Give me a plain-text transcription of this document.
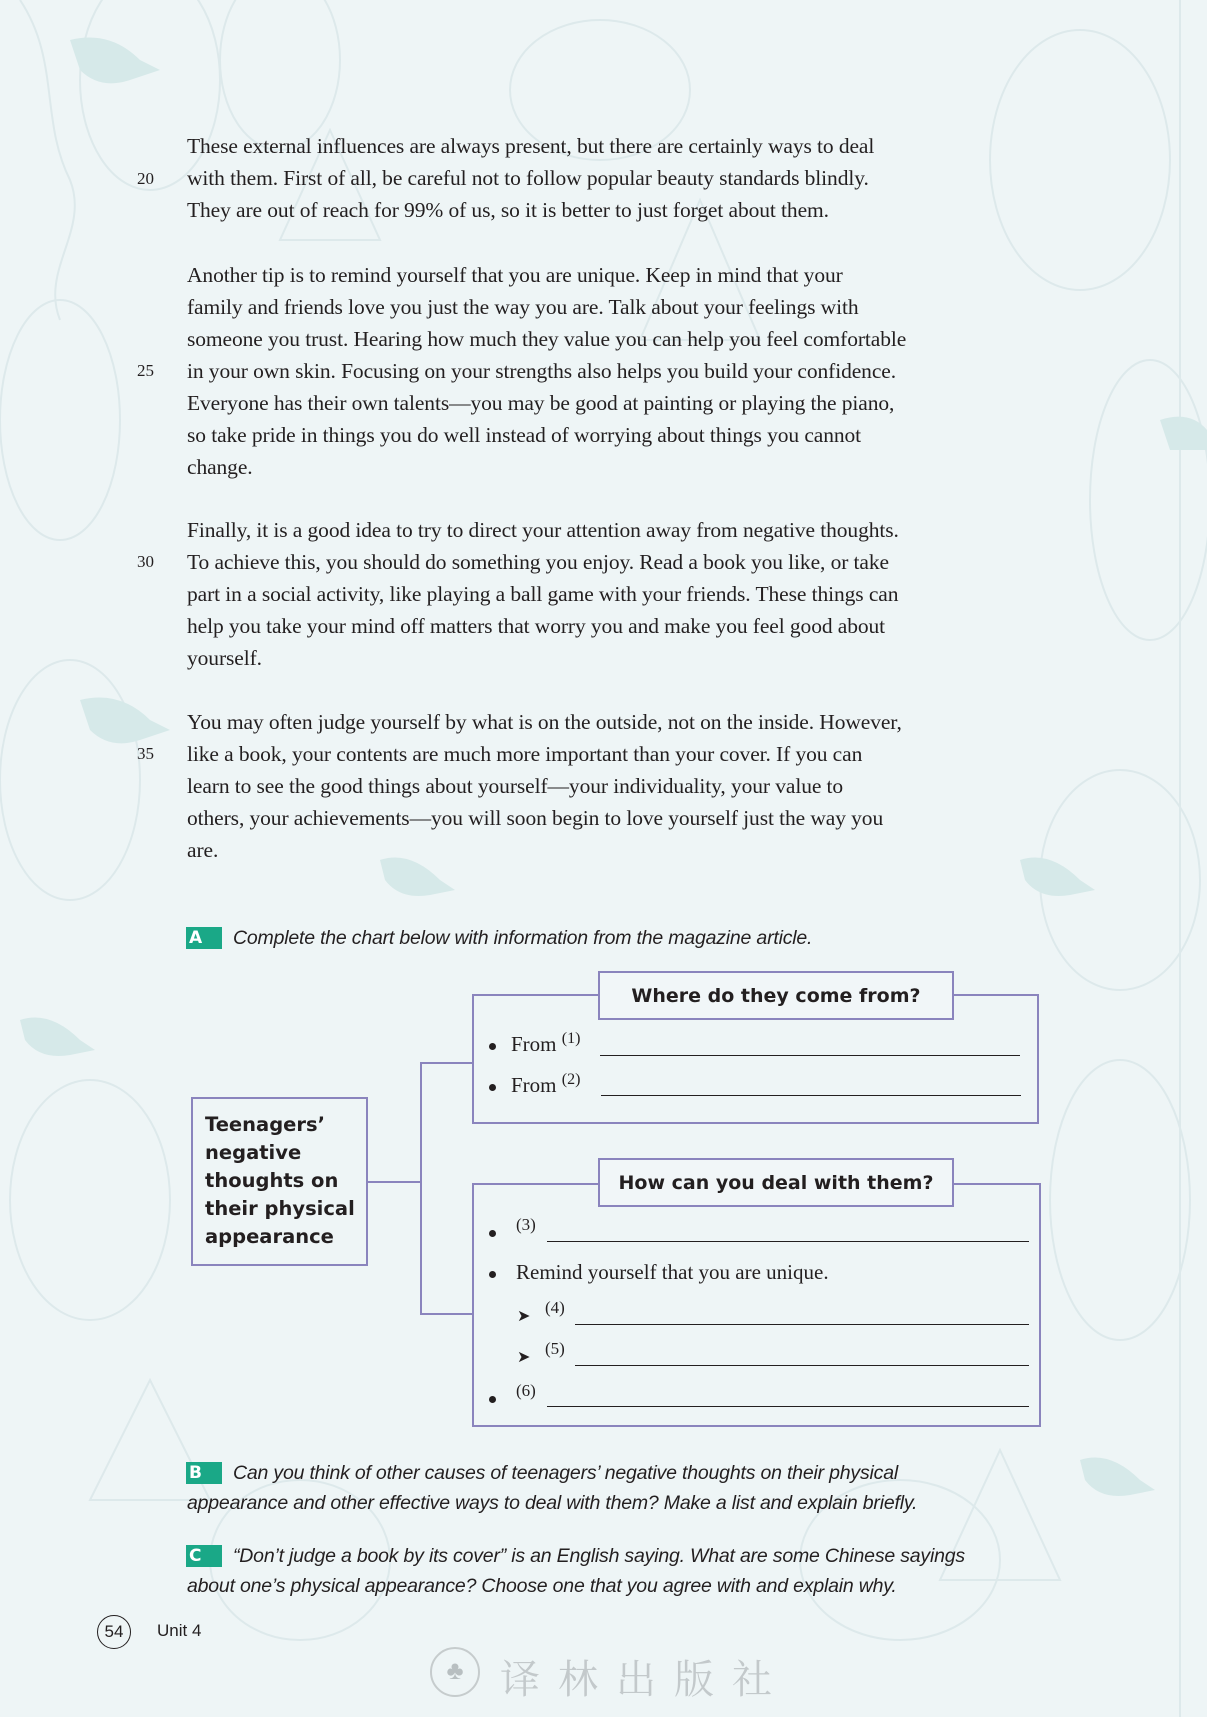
20
These external influences are always present, but there are certainly ways to deal
with them. First of all, be careful not to follow popular beauty standards blindly.
They are out of reach for 99% of us, so it is better to just forget about them.
25
Another tip is to remind yourself that you are unique. Keep in mind that your
family and friends love you just the way you are. Talk about your feelings with
someone you trust. Hearing how much they value you can help you feel comfortable
in your own skin. Focusing on your strengths also helps you build your confidence.
Everyone has their own talents—you may be good at painting or playing the piano,
so take pride in things you do well instead of worrying about things you cannot
change.
30
Finally, it is a good idea to try to direct your attention away from negative thoughts.
To achieve this, you should do something you enjoy. Read a book you like, or take
part in a social activity, like playing a ball game with your friends. These things can
help you take your mind off matters that worry you and make you feel good about
yourself.
35
You may often judge yourself by what is on the outside, not on the inside. However,
like a book, your contents are much more important than your cover. If you can
learn to see the good things about yourself—your individuality, your value to
others, your achievements—you will soon begin to love yourself just the way you
are.
A	Complete the chart below with information from the magazine article.
Teenagers’
negative
thoughts on
their physical
appearance
Where do they come from?
From $^{(1)}$
From $^{(2)}$
How can you deal with them?
(3)
Remind yourself that you are unique.
➤ (4)
➤ (5)
(6)
B	Can you think of other causes of teenagers’ negative thoughts on their physical
appearance and other effective ways to deal with them? Make a list and explain briefly.
C	“Don’t judge a book by its cover” is an English saying. What are some Chinese sayings
about one’s physical appearance? Choose one that you agree with and explain why.
54	Unit 4
♣ 译林出版社
